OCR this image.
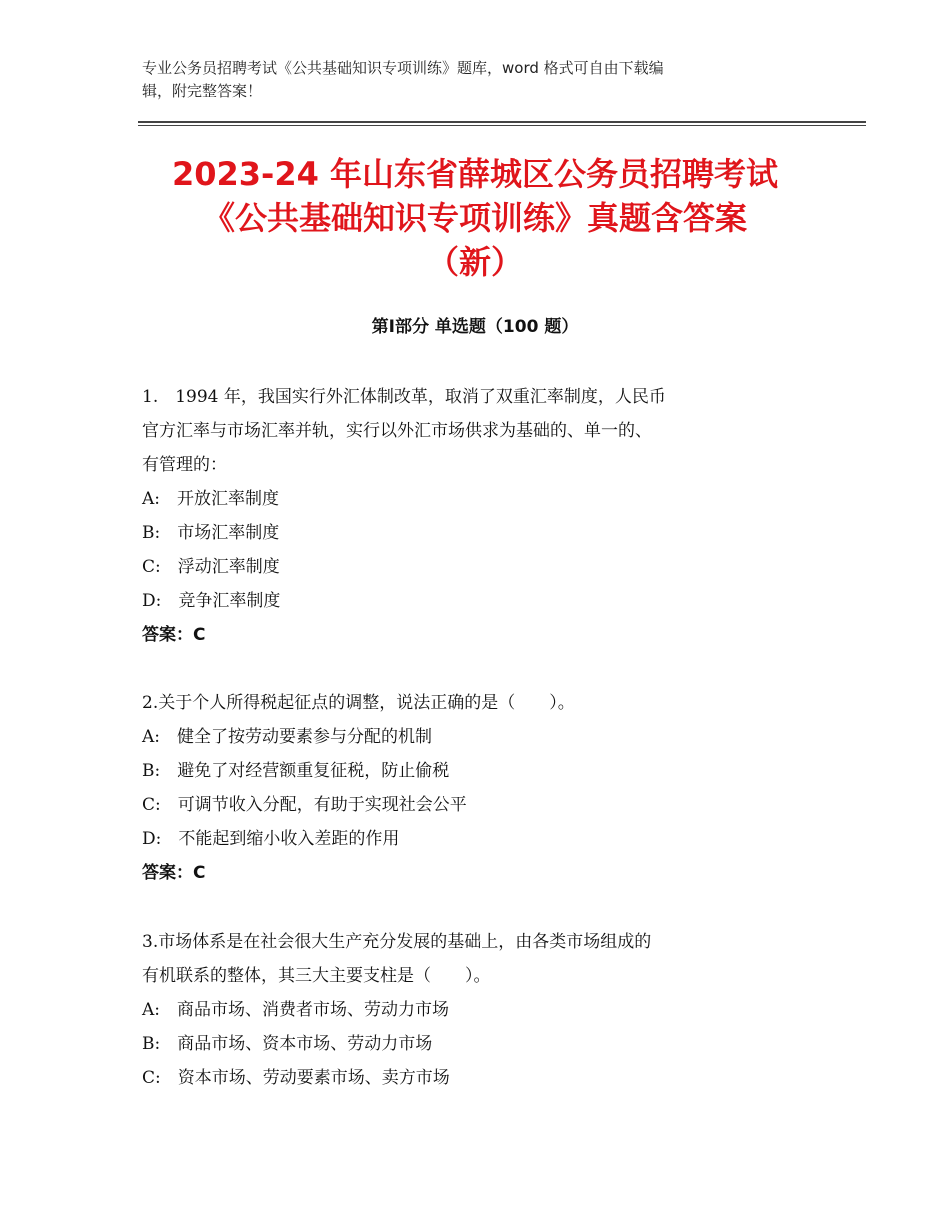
专业公务员招聘考试《公共基础知识专项训练》题库，word 格式可自由下载编
辑，附完整答案！
2023-24 年山东省薛城区公务员招聘考试
《公共基础知识专项训练》真题含答案
（新）
第Ⅰ部分 单选题（100 题）
1.　1994 年，我国实行外汇体制改革，取消了双重汇率制度，人民币
官方汇率与市场汇率并轨，实行以外汇市场供求为基础的、单一的、
有管理的：
A:　开放汇率制度
B:　市场汇率制度
C:　浮动汇率制度
D:　竞争汇率制度
答案：C
2.关于个人所得税起征点的调整，说法正确的是（　　）。
A:　健全了按劳动要素参与分配的机制
B:　避免了对经营额重复征税，防止偷税
C:　可调节收入分配，有助于实现社会公平
D:　不能起到缩小收入差距的作用
答案：C
3.市场体系是在社会很大生产充分发展的基础上，由各类市场组成的
有机联系的整体，其三大主要支柱是（　　）。
A:　商品市场、消费者市场、劳动力市场
B:　商品市场、资本市场、劳动力市场
C:　资本市场、劳动要素市场、卖方市场
